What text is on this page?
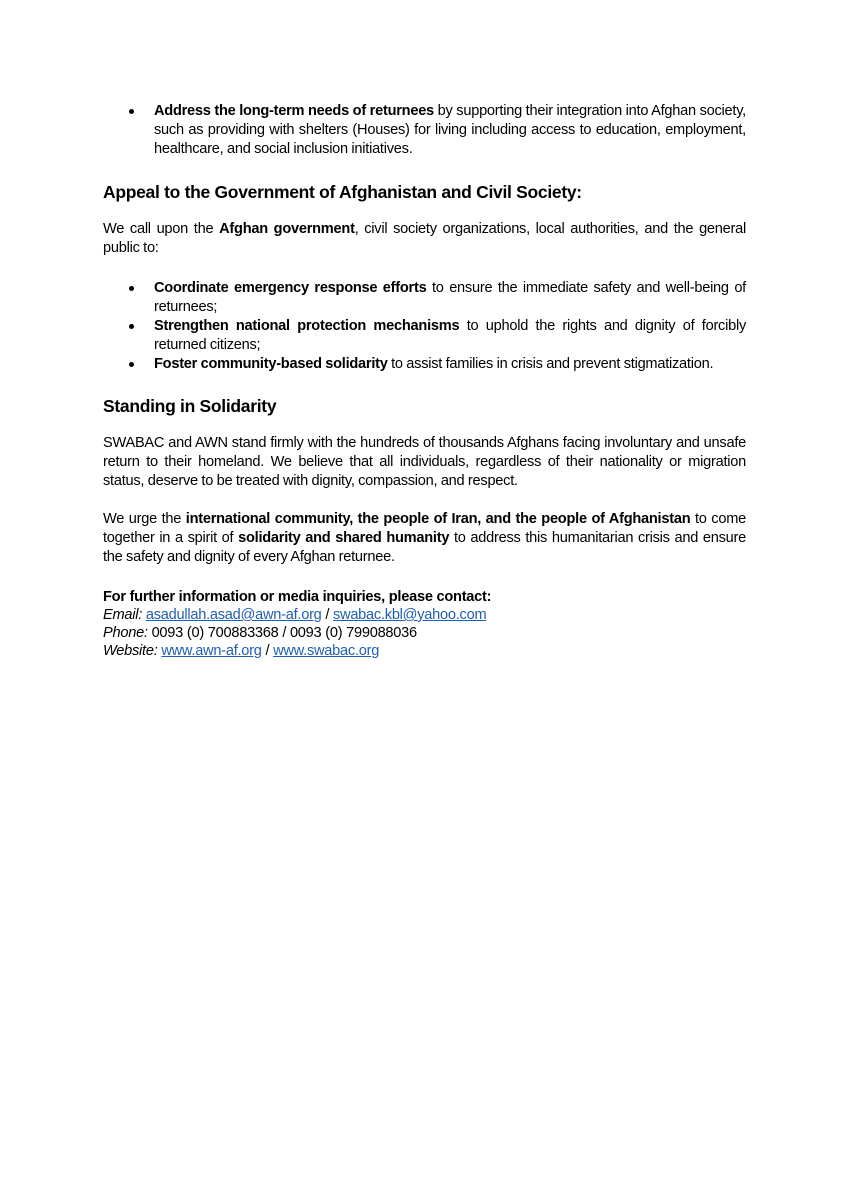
Address the long-term needs of returnees by supporting their integration into Afghan society, such as providing with shelters (Houses) for living including access to education, employment, healthcare, and social inclusion initiatives.
Appeal to the Government of Afghanistan and Civil Society:

We call upon the Afghan government, civil society organizations, local authorities, and the general public to:

Coordinate emergency response efforts to ensure the immediate safety and well-being of returnees;
Strengthen national protection mechanisms to uphold the rights and dignity of forcibly returned citizens;
Foster community-based solidarity to assist families in crisis and prevent stigmatization.
Standing in Solidarity

SWABAC and AWN stand firmly with the hundreds of thousands Afghans facing involuntary and unsafe return to their homeland. We believe that all individuals, regardless of their nationality or migration status, deserve to be treated with dignity, compassion, and respect.

We urge the international community, the people of Iran, and the people of Afghanistan to come together in a spirit of solidarity and shared humanity to address this humanitarian crisis and ensure the safety and dignity of every Afghan returnee.

For further information or media inquiries, please contact:

Email: asadullah.asad@awn-af.org / swabac.kbl@yahoo.com

Phone: 0093 (0) 700883368 / 0093 (0) 799088036

Website: www.awn-af.org / www.swabac.org
